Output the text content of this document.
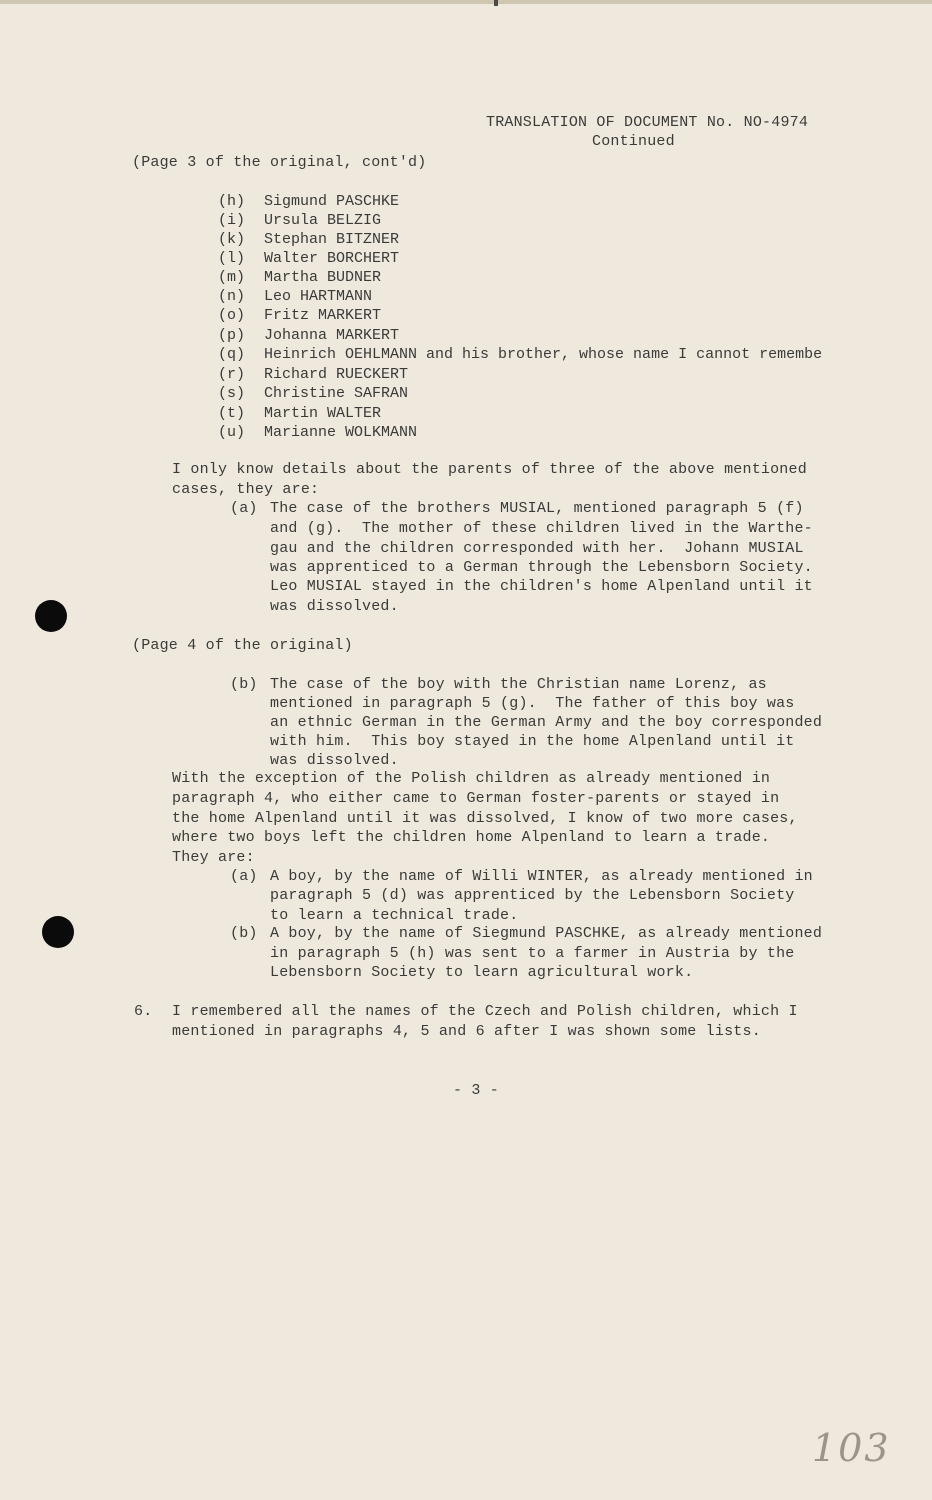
TRANSLATION OF DOCUMENT No. NO-4974
Continued
(Page 3 of the original, cont'd)
(h) Sigmund PASCHKE
(i) Ursula BELZIG
(k) Stephan BITZNER
(l) Walter BORCHERT
(m) Martha BUDNER
(n) Leo HARTMANN
(o) Fritz MARKERT
(p) Johanna MARKERT
(q) Heinrich OEHLMANN and his brother, whose name I cannot remembe
(r) Richard RUECKERT
(s) Christine SAFRAN
(t) Martin WALTER
(u) Marianne WOLKMANN
I only know details about the parents of three of the above mentioned
cases, they are:
(a) The case of the brothers MUSIAL, mentioned paragraph 5 (f)
and (g).  The mother of these children lived in the Warthe-
gau and the children corresponded with her.  Johann MUSIAL
was apprenticed to a German through the Lebensborn Society.
Leo MUSIAL stayed in the children's home Alpenland until it
was dissolved.
(Page 4 of the original)
(b) The case of the boy with the Christian name Lorenz, as
mentioned in paragraph 5 (g).  The father of this boy was
an ethnic German in the German Army and the boy corresponded
with him.  This boy stayed in the home Alpenland until it
was dissolved.
With the exception of the Polish children as already mentioned in
paragraph 4, who either came to German foster-parents or stayed in
the home Alpenland until it was dissolved, I know of two more cases,
where two boys left the children home Alpenland to learn a trade.
They are:
(a) A boy, by the name of Willi WINTER, as already mentioned in
paragraph 5 (d) was apprenticed by the Lebensborn Society
to learn a technical trade.
(b) A boy, by the name of Siegmund PASCHKE, as already mentioned
in paragraph 5 (h) was sent to a farmer in Austria by the
Lebensborn Society to learn agricultural work.
6. I remembered all the names of the Czech and Polish children, which I
mentioned in paragraphs 4, 5 and 6 after I was shown some lists.
- 3 -
103
